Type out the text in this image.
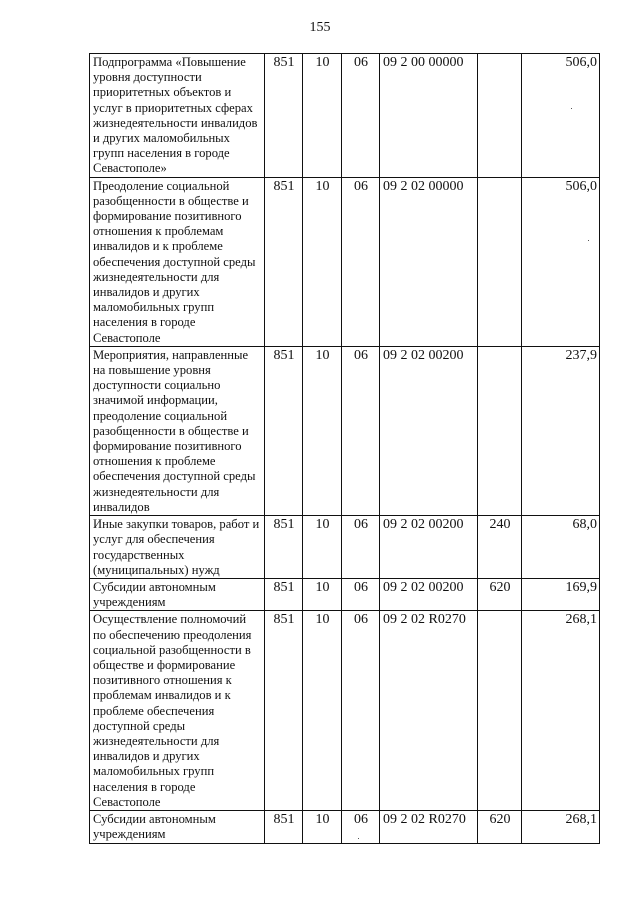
155
Подпрограмма «Повышение уровня доступности приоритетных объектов и услуг в приоритетных сферах жизнедеятельности инвалидов и других маломобильных групп населения в городе Севастополе»	851	10	06	09 2 00 00000		506,0
Преодоление социальной разобщенности в обществе и формирование позитивного отношения к проблемам инвалидов и к проблеме обеспечения доступной среды жизнедеятельности для инвалидов и других маломобильных групп населения в городе Севастополе	851	10	06	09 2 02 00000		506,0
Мероприятия, направленные на повышение уровня доступности социально значимой информации, преодоление социальной разобщенности в обществе и формирование позитивного отношения к проблеме обеспечения доступной среды жизнедеятельности для инвалидов	851	10	06	09 2 02 00200		237,9
Иные закупки товаров, работ и услуг для обеспечения государственных (муниципальных) нужд	851	10	06	09 2 02 00200	240	68,0
Субсидии автономным учреждениям	851	10	06	09 2 02 00200	620	169,9
Осуществление полномочий по обеспечению преодоления социальной разобщенности в обществе и формирование позитивного отношения к проблемам инвалидов и к проблеме обеспечения доступной среды жизнедеятельности для инвалидов и других маломобильных групп населения в городе Севастополе	851	10	06	09 2 02 R0270		268,1
Субсидии автономным учреждениям	851	10	06	09 2 02 R0270	620	268,1
